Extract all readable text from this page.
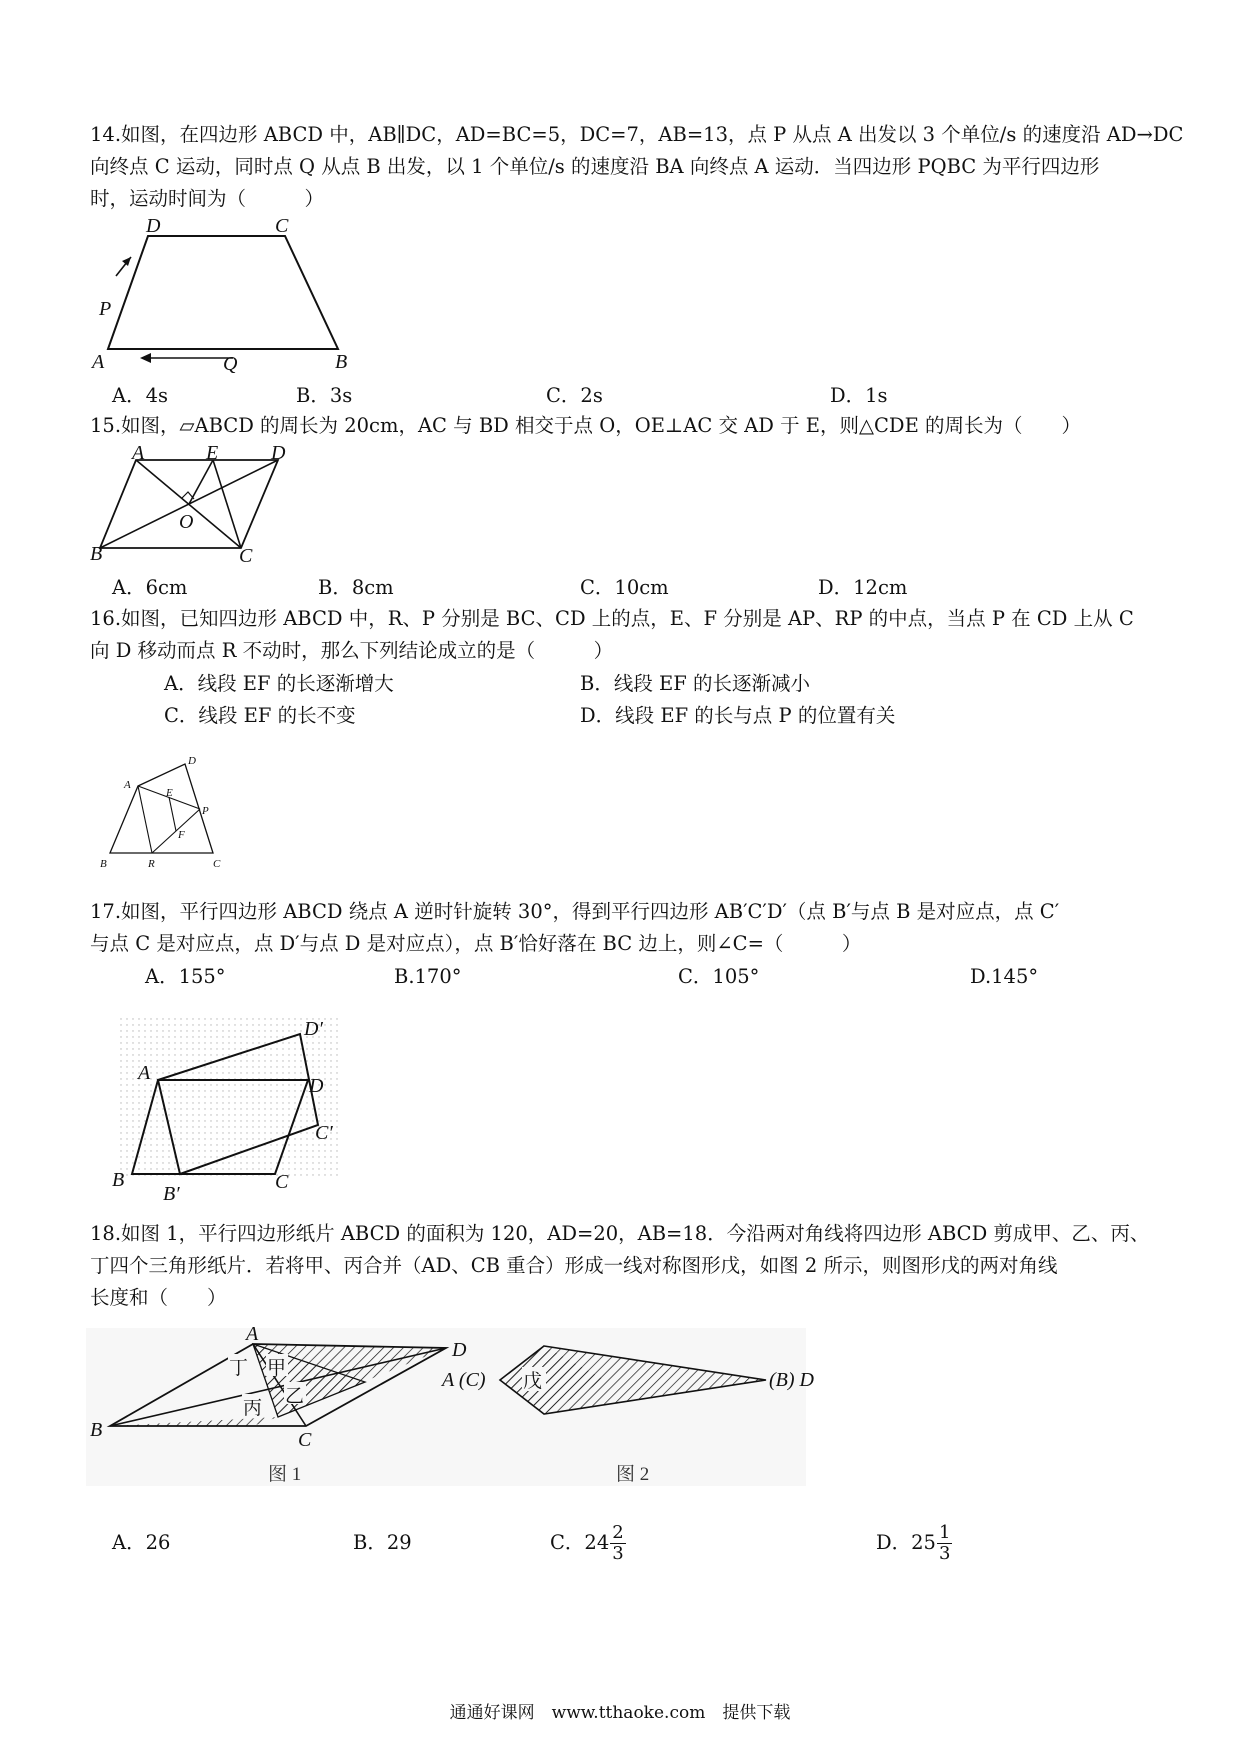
14.如图，在四边形 ABCD 中，AB∥DC，AD=BC=5，DC=7，AB=13，点 P 从点 A 出发以 3 个单位/s 的速度沿 AD→DC
向终点 C 运动，同时点 Q 从点 B 出发，以 1 个单位/s 的速度沿 BA 向终点 A 运动．当四边形 PQBC 为平行四边形
时，运动时间为（　　　）
D	C
P
A	Q	B
A．4s	B．3s	C．2s	D．1s
15.如图，▱ABCD 的周长为 20cm，AC 与 BD 相交于点 O，OE⊥AC 交 AD 于 E，则△CDE 的周长为（　　）
A	E	D
O
B	C
A．6cm	B．8cm	C．10cm	D．12cm
16.如图，已知四边形 ABCD 中，R、P 分别是 BC、CD 上的点，E、F 分别是 AP、RP 的中点，当点 P 在 CD 上从 C
向 D 移动而点 R 不动时，那么下列结论成立的是（　　　）
A．线段 EF 的长逐渐增大	B．线段 EF 的长逐渐减小
C．线段 EF 的长不变	D．线段 EF 的长与点 P 的位置有关
A
D
E
P
F
B	R	C
17.如图，平行四边形 ABCD 绕点 A 逆时针旋转 30°，得到平行四边形 AB′C′D′（点 B′与点 B 是对应点，点 C′
与点 C 是对应点，点 D′与点 D 是对应点），点 B′恰好落在 BC 边上，则∠C=（　　　）
A．155°	B.170°	C．105°	D.145°
A
D′
D
C′
B
B′
C
18.如图 1，平行四边形纸片 ABCD 的面积为 120，AD=20，AB=18．今沿两对角线将四边形 ABCD 剪成甲、乙、丙、
丁四个三角形纸片．若将甲、丙合并（AD、CB 重合）形成一线对称图形戊，如图 2 所示，则图形戊的两对角线
长度和（　　）
丁 甲
丙
乙
A
D
B	C
图 1
戊
A (C)	(B) D
图 2
A．26	B．29	C．$24 \frac{2}{3}$	D．$25 \frac{1}{3}$
通通好课网　www.tthaoke.com　提供下载
